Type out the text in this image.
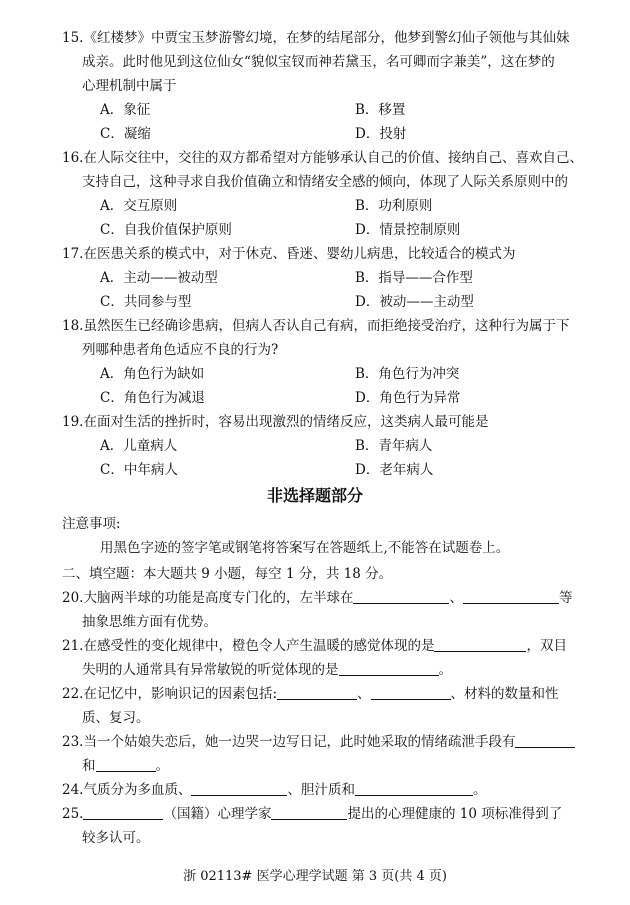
15.《红楼梦》中贾宝玉梦游警幻境，在梦的结尾部分，他梦到警幻仙子领他与其仙妹
成亲。此时他见到这位仙女“貌似宝钗而神若黛玉，名可卿而字兼美”，这在梦的
心理机制中属于
A．象征	B．移置
C．凝缩	D．投射
16.在人际交往中，交往的双方都希望对方能够承认自己的价值、接纳自己、喜欢自己、
支持自己，这种寻求自我价值确立和情绪安全感的倾向，体现了人际关系原则中的
A．交互原则	B．功利原则
C．自我价值保护原则	D．情景控制原则
17.在医患关系的模式中，对于休克、昏迷、婴幼儿病患，比较适合的模式为
A．主动——被动型	B．指导——合作型
C．共同参与型	D．被动——主动型
18.虽然医生已经确诊患病，但病人否认自己有病，而拒绝接受治疗，这种行为属于下
列哪种患者角色适应不良的行为?
A．角色行为缺如	B．角色行为冲突
C．角色行为减退	D．角色行为异常
19.在面对生活的挫折时，容易出现激烈的情绪反应，这类病人最可能是
A．儿童病人	B．青年病人
C．中年病人	D．老年病人
非选择题部分
注意事项:
用黑色字迹的签字笔或钢笔将答案写在答题纸上,不能答在试题卷上。
二、填空题：本大题共 9 小题，每空 1 分，共 18 分。
20.大脑两半球的功能是高度专门化的，左半球在	、	等
抽象思维方面有优势。
21.在感受性的变化规律中，橙色令人产生温暖的感觉体现的是	，双目
失明的人通常具有异常敏锐的听觉体现的是	。
22.在记忆中，影响识记的因素包括:	、	、材料的数量和性
质、复习。
23.当一个姑娘失恋后，她一边哭一边写日记，此时她采取的情绪疏泄手段有
和	。
24.气质分为多血质、	、胆汁质和	。
25.	（国籍）心理学家	提出的心理健康的 10 项标准得到了
较多认可。
浙 02113# 医学心理学试题 第 3 页(共 4 页)
